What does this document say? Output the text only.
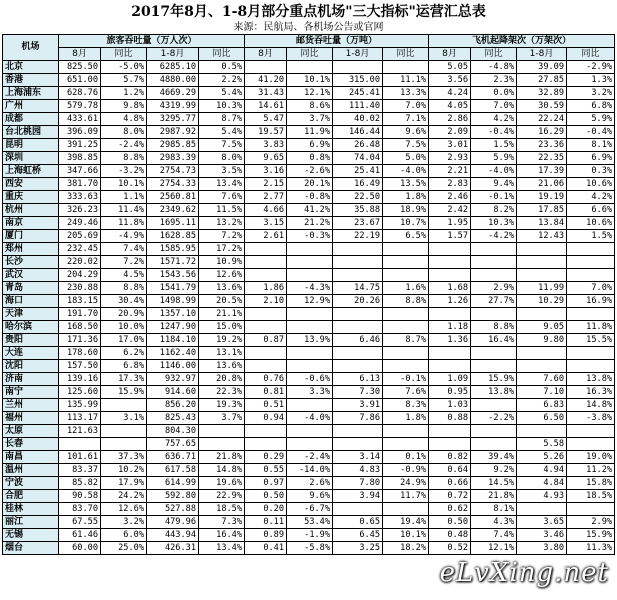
2017年8月、1-8月部分重点机场"三大指标"运营汇总表
来源：民航局、各机场公告或官网
机场	旅客吞吐量（万人次）				邮货吞吐量（万吨）				飞机起降架次（万架次）			
	8月	同比	1-8月	同比	8月	同比	1-8月	同比	8月	同比	1-8月	同比
北京	825.50	-5.0%	6285.10	0.5%					5.05	-4.8%	39.09	-2.9%
香港	651.00	5.7%	4880.00	2.2%	41.20	10.1%	315.00	11.1%	3.56	2.3%	27.85	1.3%
上海浦东	628.76	1.2%	4669.29	5.4%	31.43	12.1%	245.41	13.3%	4.24	0.0%	32.89	3.2%
广州	579.78	9.8%	4319.99	10.3%	14.61	8.6%	111.40	7.0%	4.05	7.0%	30.59	6.8%
成都	433.61	4.8%	3295.77	8.7%	5.47	3.7%	40.02	7.1%	2.86	4.2%	22.24	5.9%
台北桃园	396.09	8.0%	2987.92	5.4%	19.57	11.9%	146.44	9.6%	2.09	-0.4%	16.29	-0.4%
昆明	391.25	-2.4%	2985.85	7.5%	3.83	6.9%	26.48	7.5%	3.01	1.5%	23.36	8.1%
深圳	398.85	8.8%	2983.39	8.0%	9.65	0.8%	74.04	5.0%	2.93	5.9%	22.35	6.9%
上海虹桥	347.66	-3.2%	2754.73	3.5%	3.16	-2.6%	25.41	-4.0%	2.21	-4.0%	17.39	0.3%
西安	381.70	10.1%	2754.33	13.4%	2.15	20.1%	16.49	13.5%	2.83	9.4%	21.06	10.6%
重庆	333.63	1.1%	2560.81	7.6%	2.77	-0.8%	22.50	1.8%	2.46	-0.1%	19.19	4.2%
杭州	326.23	11.4%	2349.62	11.5%	4.66	41.2%	35.88	18.9%	2.42	8.2%	17.85	6.6%
南京	249.46	11.8%	1695.11	13.2%	3.15	21.2%	23.67	10.7%	1.95	10.3%	13.84	10.6%
厦门	205.69	-4.9%	1628.85	7.2%	2.61	-0.3%	22.19	6.5%	1.57	-4.2%	12.43	1.5%
郑州	232.45	7.4%	1585.95	17.2%								
长沙	220.02	7.2%	1571.72	10.9%								
武汉	204.29	4.5%	1543.56	12.6%								
青岛	230.88	8.8%	1541.79	13.6%	1.86	-4.3%	14.75	1.6%	1.68	2.9%	11.99	7.0%
海口	183.15	30.4%	1498.99	20.5%	2.10	12.9%	20.26	8.8%	1.26	27.7%	10.29	16.9%
天津	191.70	20.9%	1357.10	21.1%								
哈尔滨	168.50	10.0%	1247.90	15.0%					1.18	8.8%	9.05	11.8%
贵阳	171.36	17.0%	1184.10	19.2%	0.87	13.9%	6.46	8.7%	1.36	16.4%	9.80	15.5%
大连	178.60	6.2%	1162.40	13.1%								
沈阳	157.50	6.8%	1146.00	13.6%								
济南	139.16	17.3%	932.97	20.8%	0.76	-0.6%	6.13	-0.1%	1.09	15.9%	7.60	13.8%
南宁	125.60	15.9%	914.60	22.3%	0.81	3.3%	7.30	7.6%	0.95	13.8%	7.10	16.3%
兰州	135.99		856.20	19.3%	0.51		3.91	8.3%	1.03		6.83	14.8%
福州	113.17	3.1%	825.43	3.7%	0.94	-4.0%	7.86	1.8%	0.88	-2.2%	6.50	-3.8%
太原	121.63		804.30									
长春			757.65								5.58	
南昌	101.61	37.3%	636.71	21.8%	0.29	-2.4%	3.14	0.1%	0.82	39.4%	5.26	19.0%
温州	83.37	10.2%	617.58	14.8%	0.55	-14.0%	4.83	-0.9%	0.64	9.2%	4.94	11.2%
宁波	85.82	17.9%	614.99	19.6%	0.97	2.6%	7.80	24.9%	0.66	14.5%	4.84	15.8%
合肥	90.58	24.2%	592.80	22.9%	0.50	9.6%	3.94	11.7%	0.72	21.8%	4.93	18.5%
桂林	83.70	12.6%	527.88	18.5%	0.20	-6.7%			0.62	8.1%		
丽江	67.55	3.2%	479.96	7.3%	0.11	53.4%	0.65	19.4%	0.50	4.3%	3.65	2.9%
无锡	61.46	6.0%	443.94	16.4%	0.89	-1.9%	6.45	10.1%	0.48	7.4%	3.46	15.9%
烟台	60.00	25.0%	426.31	13.4%	0.41	-5.8%	3.25	18.2%	0.52	12.1%	3.80	11.3%
eLvXing.net
